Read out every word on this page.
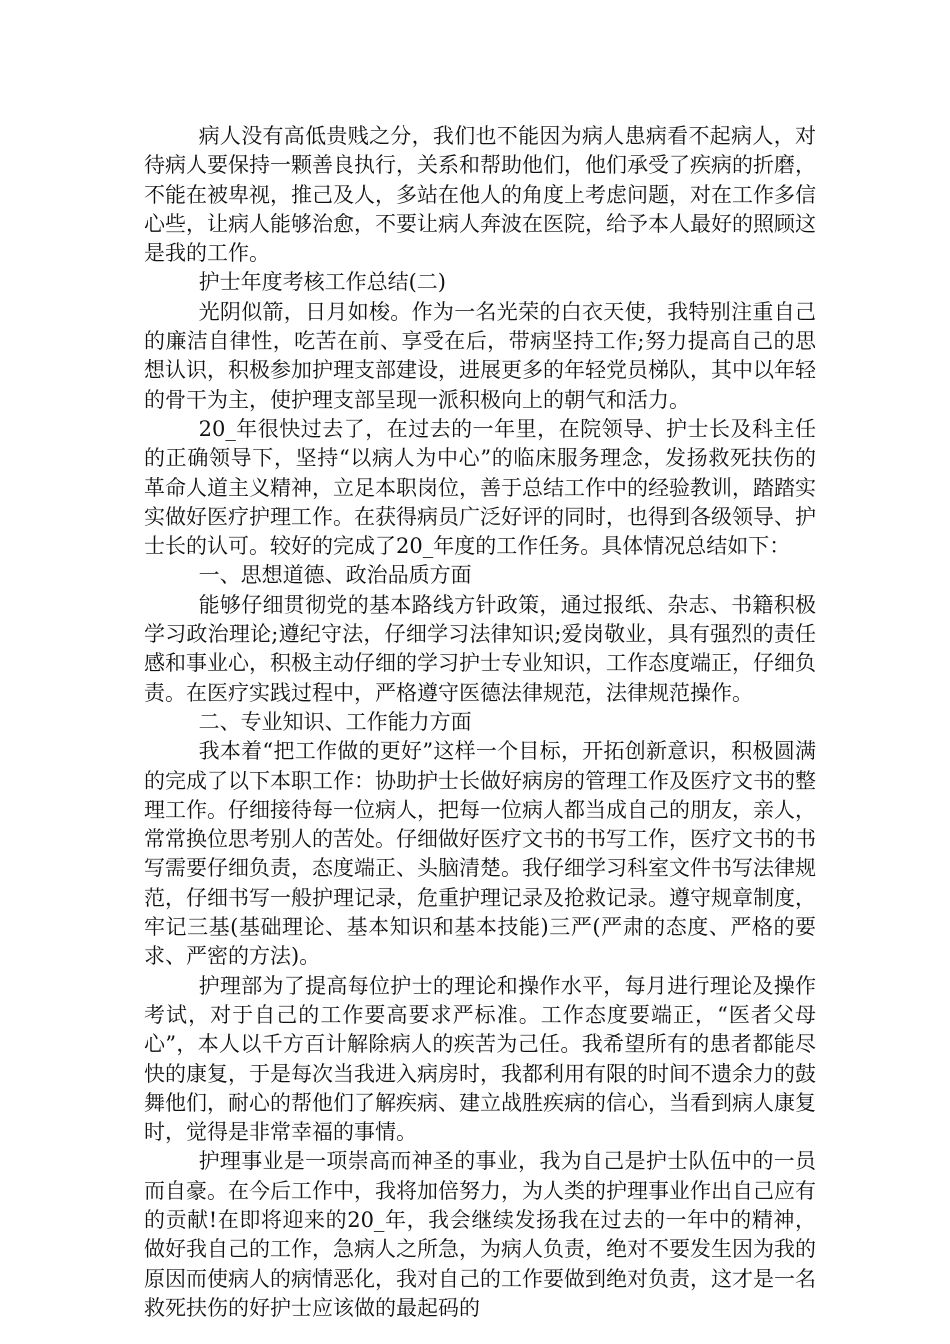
病人没有高低贵贱之分，我们也不能因为病人患病看不起病人，对待病人要保持一颗善良执行，关系和帮助他们，他们承受了疾病的折磨，不能在被卑视，推己及人，多站在他人的角度上考虑问题，对在工作多信心些，让病人能够治愈，不要让病人奔波在医院，给予本人最好的照顾这是我的工作。

护士年度考核工作总结(二)

光阴似箭，日月如梭。作为一名光荣的白衣天使，我特别注重自己的廉洁自律性，吃苦在前、享受在后，带病坚持工作;努力提高自己的思想认识，积极参加护理支部建设，进展更多的年轻党员梯队，其中以年轻的骨干为主，使护理支部呈现一派积极向上的朝气和活力。

20_年很快过去了，在过去的一年里，在院领导、护士长及科主任的正确领导下，坚持“以病人为中心”的临床服务理念，发扬救死扶伤的革命人道主义精神，立足本职岗位，善于总结工作中的经验教训，踏踏实实做好医疗护理工作。在获得病员广泛好评的同时，也得到各级领导、护士长的认可。较好的完成了20_年度的工作任务。具体情况总结如下：

一、思想道德、政治品质方面

能够仔细贯彻党的基本路线方针政策，通过报纸、杂志、书籍积极学习政治理论;遵纪守法，仔细学习法律知识;爱岗敬业，具有强烈的责任感和事业心，积极主动仔细的学习护士专业知识，工作态度端正，仔细负责。在医疗实践过程中，严格遵守医德法律规范，法律规范操作。

二、专业知识、工作能力方面

我本着“把工作做的更好”这样一个目标，开拓创新意识，积极圆满的完成了以下本职工作：协助护士长做好病房的管理工作及医疗文书的整理工作。仔细接待每一位病人，把每一位病人都当成自己的朋友，亲人，常常换位思考别人的苦处。仔细做好医疗文书的书写工作，医疗文书的书写需要仔细负责，态度端正、头脑清楚。我仔细学习科室文件书写法律规范，仔细书写一般护理记录，危重护理记录及抢救记录。遵守规章制度，牢记三基(基础理论、基本知识和基本技能)三严(严肃的态度、严格的要求、严密的方法)。

护理部为了提高每位护士的理论和操作水平，每月进行理论及操作考试，对于自己的工作要高要求严标准。工作态度要端正，“医者父母心”，本人以千方百计解除病人的疾苦为己任。我希望所有的患者都能尽快的康复，于是每次当我进入病房时，我都利用有限的时间不遗余力的鼓舞他们，耐心的帮他们了解疾病、建立战胜疾病的信心，当看到病人康复时，觉得是非常幸福的事情。

护理事业是一项崇高而神圣的事业，我为自己是护士队伍中的一员而自豪。在今后工作中，我将加倍努力，为人类的护理事业作出自己应有的贡献!在即将迎来的20_年，我会继续发扬我在过去的一年中的精神，做好我自己的工作，急病人之所急，为病人负责，绝对不要发生因为我的原因而使病人的病情恶化，我对自己的工作要做到绝对负责，这才是一名救死扶伤的好护士应该做的最起码的
